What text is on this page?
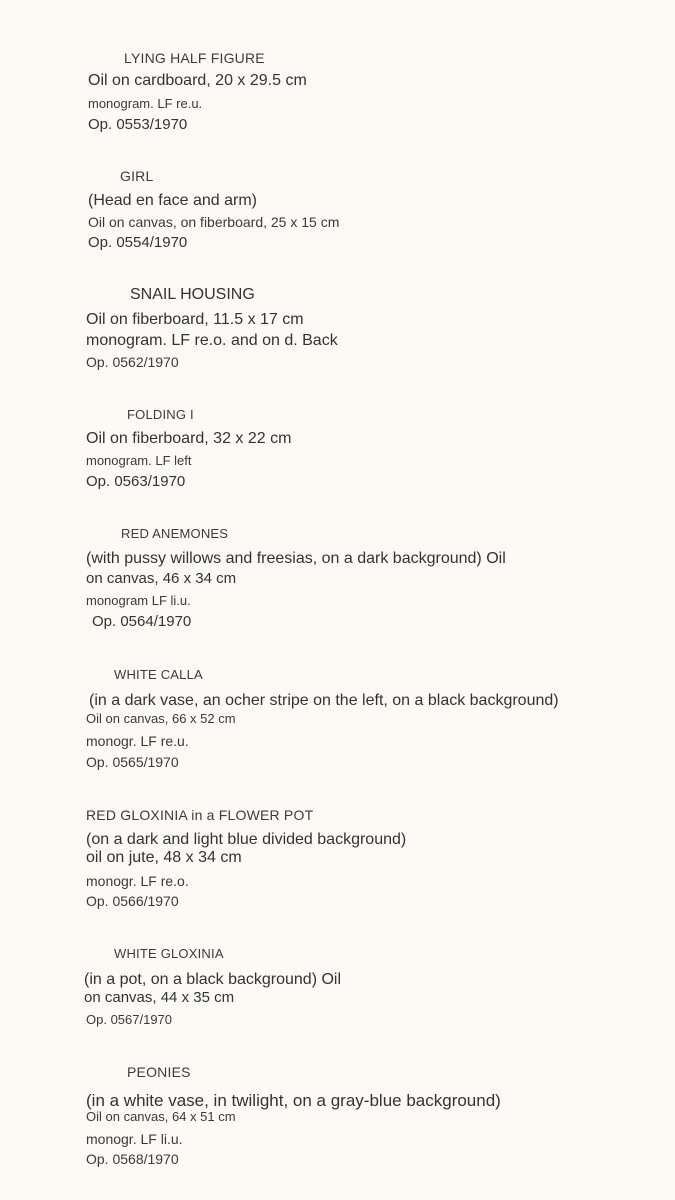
LYING HALF FIGURE
Oil on cardboard, 20 x 29.5 cm
monogram. LF re.u.
Op. 0553/1970
GIRL
(Head en face and arm)
Oil on canvas, on fiberboard, 25 x 15 cm
Op. 0554/1970
SNAIL HOUSING
Oil on fiberboard, 11.5 x 17 cm
monogram. LF re.o. and on d. Back
Op. 0562/1970
FOLDING I
Oil on fiberboard, 32 x 22 cm
monogram. LF left
Op. 0563/1970
RED ANEMONES
(with pussy willows and freesias, on a dark background) Oil
on canvas, 46 x 34 cm
monogram LF li.u.
Op. 0564/1970
WHITE CALLA
(in a dark vase, an ocher stripe on the left, on a black background)
Oil on canvas, 66 x 52 cm
monogr. LF re.u.
Op. 0565/1970
RED GLOXINIA in a FLOWER POT
(on a dark and light blue divided background)
oil on jute, 48 x 34 cm
monogr. LF re.o.
Op. 0566/1970
WHITE GLOXINIA
(in a pot, on a black background) Oil
on canvas, 44 x 35 cm
Op. 0567/1970
PEONIES
(in a white vase, in twilight, on a gray-blue background)
Oil on canvas, 64 x 51 cm
monogr. LF li.u.
Op. 0568/1970
